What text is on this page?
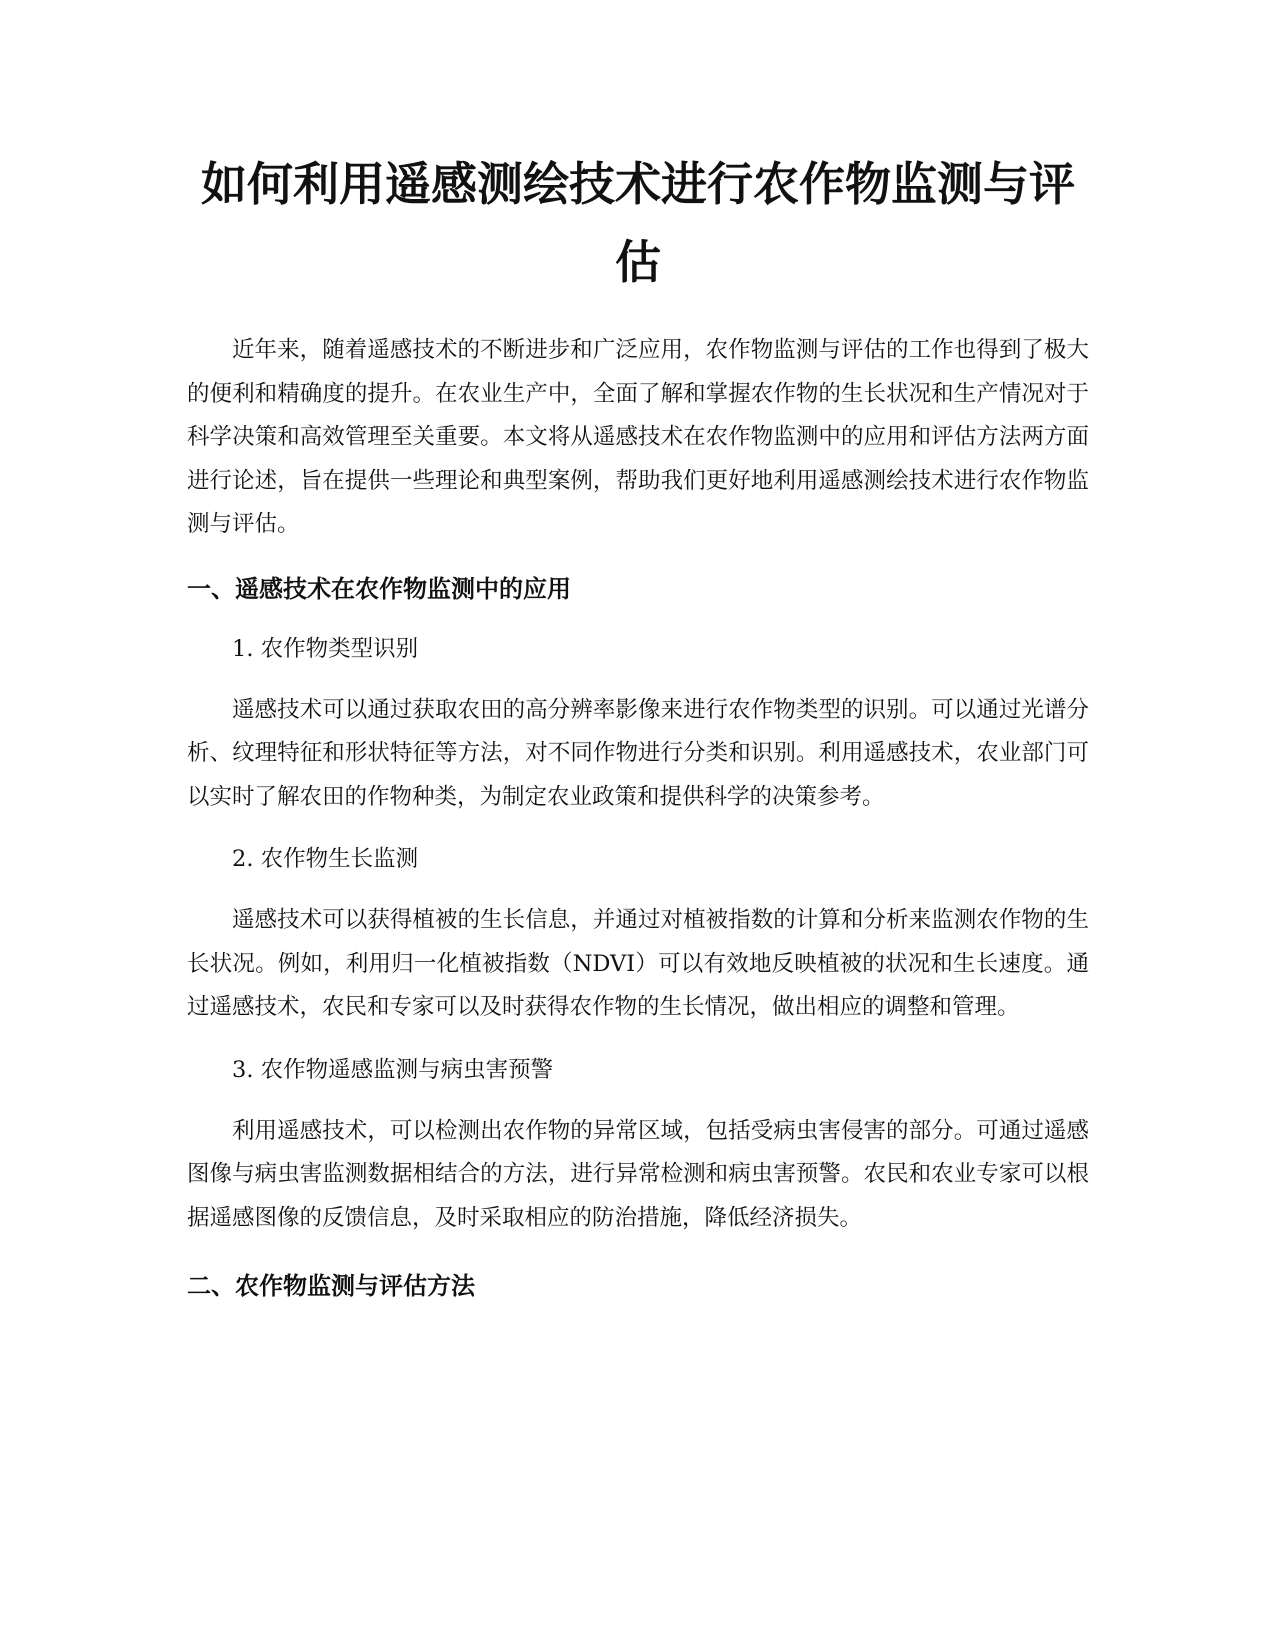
如何利用遥感测绘技术进行农作物监测与评估

近年来，随着遥感技术的不断进步和广泛应用，农作物监测与评估的工作也得到了极大的便利和精确度的提升。在农业生产中，全面了解和掌握农作物的生长状况和生产情况对于科学决策和高效管理至关重要。本文将从遥感技术在农作物监测中的应用和评估方法两方面进行论述，旨在提供一些理论和典型案例，帮助我们更好地利用遥感测绘技术进行农作物监测与评估。

一、遥感技术在农作物监测中的应用

1. 农作物类型识别

遥感技术可以通过获取农田的高分辨率影像来进行农作物类型的识别。可以通过光谱分析、纹理特征和形状特征等方法，对不同作物进行分类和识别。利用遥感技术，农业部门可以实时了解农田的作物种类，为制定农业政策和提供科学的决策参考。

2. 农作物生长监测

遥感技术可以获得植被的生长信息，并通过对植被指数的计算和分析来监测农作物的生长状况。例如，利用归一化植被指数（NDVI）可以有效地反映植被的状况和生长速度。通过遥感技术，农民和专家可以及时获得农作物的生长情况，做出相应的调整和管理。

3. 农作物遥感监测与病虫害预警

利用遥感技术，可以检测出农作物的异常区域，包括受病虫害侵害的部分。可通过遥感图像与病虫害监测数据相结合的方法，进行异常检测和病虫害预警。农民和农业专家可以根据遥感图像的反馈信息，及时采取相应的防治措施，降低经济损失。

二、农作物监测与评估方法
